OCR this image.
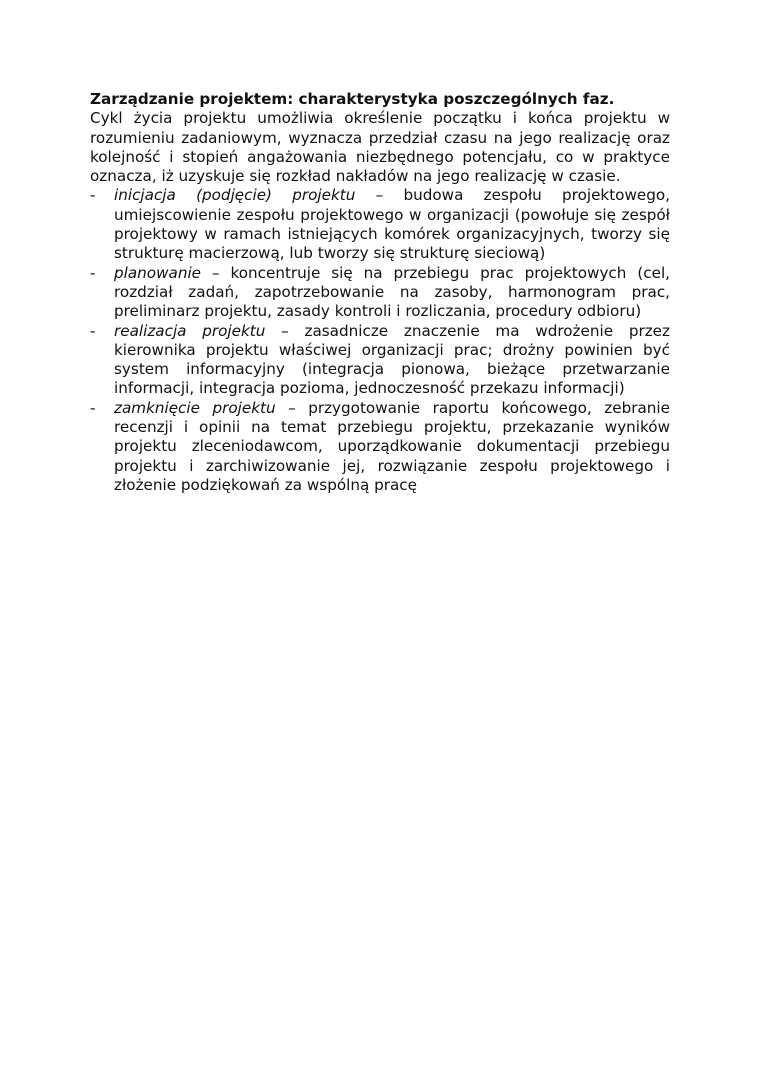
Zarządzanie projektem: charakterystyka poszczególnych faz.

Cykl życia projektu umożliwia określenie początku i końca projektu w rozumieniu zadaniowym, wyznacza przedział czasu na jego realizację oraz kolejność i stopień angażowania niezbędnego potencjału, co w praktyce oznacza, iż uzyskuje się rozkład nakładów na jego realizację w czasie.

- inicjacja (podjęcie) projektu – budowa zespołu projektowego, umiejscowienie zespołu projektowego w organizacji (powołuje się zespół projektowy w ramach istniejących komórek organizacyjnych, tworzy się strukturę macierzową, lub tworzy się strukturę sieciową)
- planowanie – koncentruje się na przebiegu prac projektowych (cel, rozdział zadań, zapotrzebowanie na zasoby, harmonogram prac, preliminarz projektu, zasady kontroli i rozliczania, procedury odbioru)
- realizacja projektu – zasadnicze znaczenie ma wdrożenie przez kierownika projektu właściwej organizacji prac; drożny powinien być system informacyjny (integracja pionowa, bieżące przetwarzanie informacji, integracja pozioma, jednoczesność przekazu informacji)
- zamknięcie projektu – przygotowanie raportu końcowego, zebranie recenzji i opinii na temat przebiegu projektu, przekazanie wyników projektu zleceniodawcom, uporządkowanie dokumentacji przebiegu projektu i zarchiwizowanie jej, rozwiązanie zespołu projektowego i złożenie podziękowań za wspólną pracę
